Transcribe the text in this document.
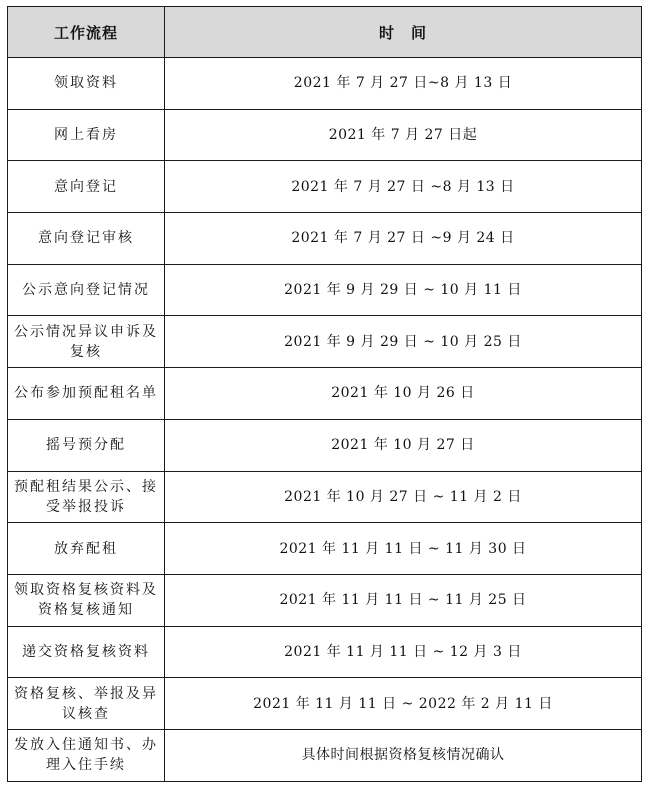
工作流程	时　间
领取资料	2021 年 7 月 27 日~8 月 13 日
网上看房	2021 年 7 月 27 日起
意向登记	2021 年 7 月 27 日 ~8 月 13 日
意向登记审核	2021 年 7 月 27 日 ~9 月 24 日
公示意向登记情况	2021 年 9 月 29 日 ~ 10 月 11 日
公示情况异议申诉及复核	2021 年 9 月 29 日 ~ 10 月 25 日
公布参加预配租名单	2021 年 10 月 26 日
摇号预分配	2021 年 10 月 27 日
预配租结果公示、接受举报投诉	2021 年 10 月 27 日 ~ 11 月 2 日
放弃配租	2021 年 11 月 11 日 ~ 11 月 30 日
领取资格复核资料及资格复核通知	2021 年 11 月 11 日 ~ 11 月 25 日
递交资格复核资料	2021 年 11 月 11 日 ~ 12 月 3 日
资格复核、举报及异议核查	2021 年 11 月 11 日 ~ 2022 年 2 月 11 日
发放入住通知书、办理入住手续	具体时间根据资格复核情况确认
